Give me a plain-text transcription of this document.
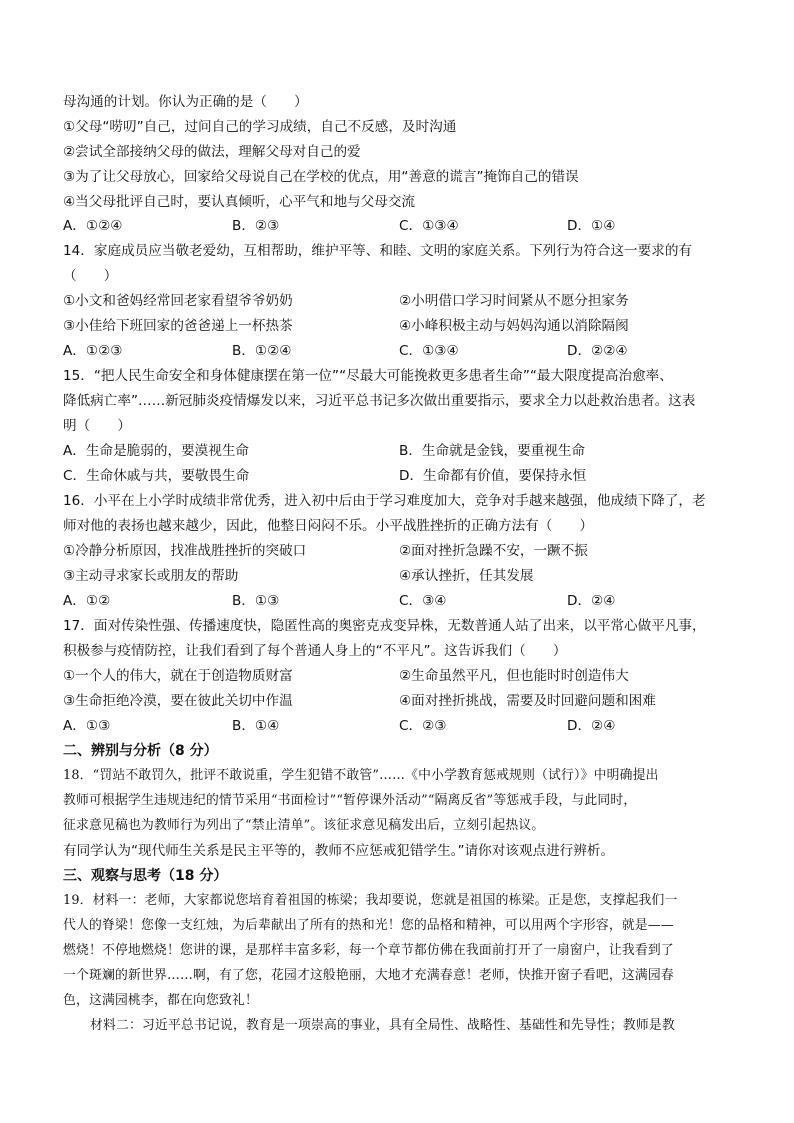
母沟通的计划。你认为正确的是（　　）
①父母“唠叨”自己，过问自己的学习成绩，自己不反感，及时沟通
②尝试全部接纳父母的做法，理解父母对自己的爱
③为了让父母放心，回家给父母说自己在学校的优点，用“善意的谎言”掩饰自己的错误
④当父母批评自己时，要认真倾听，心平气和地与父母交流
A．①②④	B．②③	C．①③④	D．①④
14．家庭成员应当敬老爱幼，互相帮助，维护平等、和睦、文明的家庭关系。下列行为符合这一要求的有
（　　）
①小文和爸妈经常回老家看望爷爷奶奶	②小明借口学习时间紧从不愿分担家务
③小佳给下班回家的爸爸递上一杯热茶	④小峰积极主动与妈妈沟通以消除隔阂
A．①②③	B．①②④	C．①③④	D．②②④
15．“把人民生命安全和身体健康摆在第一位”“尽最大可能挽救更多患者生命”“最大限度提高治愈率、
降低病亡率”……新冠肺炎疫情爆发以来，习近平总书记多次做出重要指示，要求全力以赴救治患者。这表
明（　　）
A．生命是脆弱的，要漠视生命	B．生命就是金钱，要重视生命
C．生命休戚与共，要敬畏生命	D．生命都有价值，要保持永恒
16．小平在上小学时成绩非常优秀，进入初中后由于学习难度加大，竞争对手越来越强，他成绩下降了，老
师对他的表扬也越来越少，因此，他整日闷闷不乐。小平战胜挫折的正确方法有（　　）
①冷静分析原因，找准战胜挫折的突破口	②面对挫折急躁不安，一蹶不振
③主动寻求家长或朋友的帮助	④承认挫折，任其发展
A．①②	B．①③	C．③④	D．②④
17．面对传染性强、传播速度快，隐匿性高的奥密克戎变异株，无数普通人站了出来，以平常心做平凡事，
积极参与疫情防控，让我们看到了每个普通人身上的“不平凡”。这告诉我们（　　）
①一个人的伟大，就在于创造物质财富	②生命虽然平凡，但也能时时创造伟大
③生命拒绝冷漠，要在彼此关切中作温	④面对挫折挑战，需要及时回避问题和困难
A．①③	B．①④	C．②③	D．②④
二、辨别与分析（8 分）
18．“罚站不敢罚久，批评不敢说重，学生犯错不敢管”……《中小学教育惩戒规则（试行）》中明确提出
教师可根据学生违规违纪的情节采用“书面检讨”“暂停课外活动”“隔离反省”等惩戒手段，与此同时，
征求意见稿也为教师行为列出了“禁止清单”。该征求意见稿发出后，立刻引起热议。
有同学认为“现代师生关系是民主平等的，教师不应惩戒犯错学生。”请你对该观点进行辨析。
三、观察与思考（18 分）
19．材料一：老师，大家都说您培育着祖国的栋梁；我却要说，您就是祖国的栋梁。正是您，支撑起我们一
代人的脊梁！您像一支红烛，为后辈献出了所有的热和光！您的品格和精神，可以用两个字形容，就是——
燃烧！不停地燃烧！您讲的课，是那样丰富多彩，每一个章节都仿佛在我面前打开了一扇窗户，让我看到了
一个斑斓的新世界……啊，有了您，花园才这般艳丽，大地才充满春意！老师，快推开窗子看吧，这满园春
色，这满园桃李，都在向您致礼！
材料二：习近平总书记说，教育是一项崇高的事业，具有全局性、战略性、基础性和先导性；教师是教
